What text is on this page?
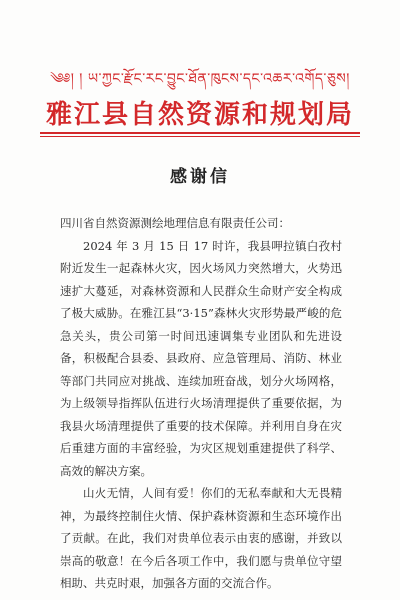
༄༅། ། ཡ་ཀྱང་རྫོང་རང་བྱུང་ཐོན་ཁུངས་དང་འཆར་འགོད་ཅུས།
雅江县自然资源和规划局
感谢信

四川省自然资源测绘地理信息有限责任公司：

2024 年 3 月 15 日 17 时许，我县呷拉镇白孜村附近发生一起森林火灾，因火场风力突然增大，火势迅速扩大蔓延，对森林资源和人民群众生命财产安全构成了极大威胁。在雅江县“3·15”森林火灾形势最严峻的危急关头，贵公司第一时间迅速调集专业团队和先进设备，积极配合县委、县政府、应急管理局、消防、林业等部门共同应对挑战、连续加班奋战，划分火场网格，为上级领导指挥队伍进行火场清理提供了重要依据，为我县火场清理提供了重要的技术保障。并利用自身在灾后重建方面的丰富经验，为灾区规划重建提供了科学、高效的解决方案。

山火无情，人间有爱！你们的无私奉献和大无畏精神，为最终控制住火情、保护森林资源和生态环境作出了贡献。在此，我们对贵单位表示由衷的感谢，并致以崇高的敬意！在今后各项工作中，我们愿与贵单位守望相助、共克时艰，加强各方面的交流合作。
